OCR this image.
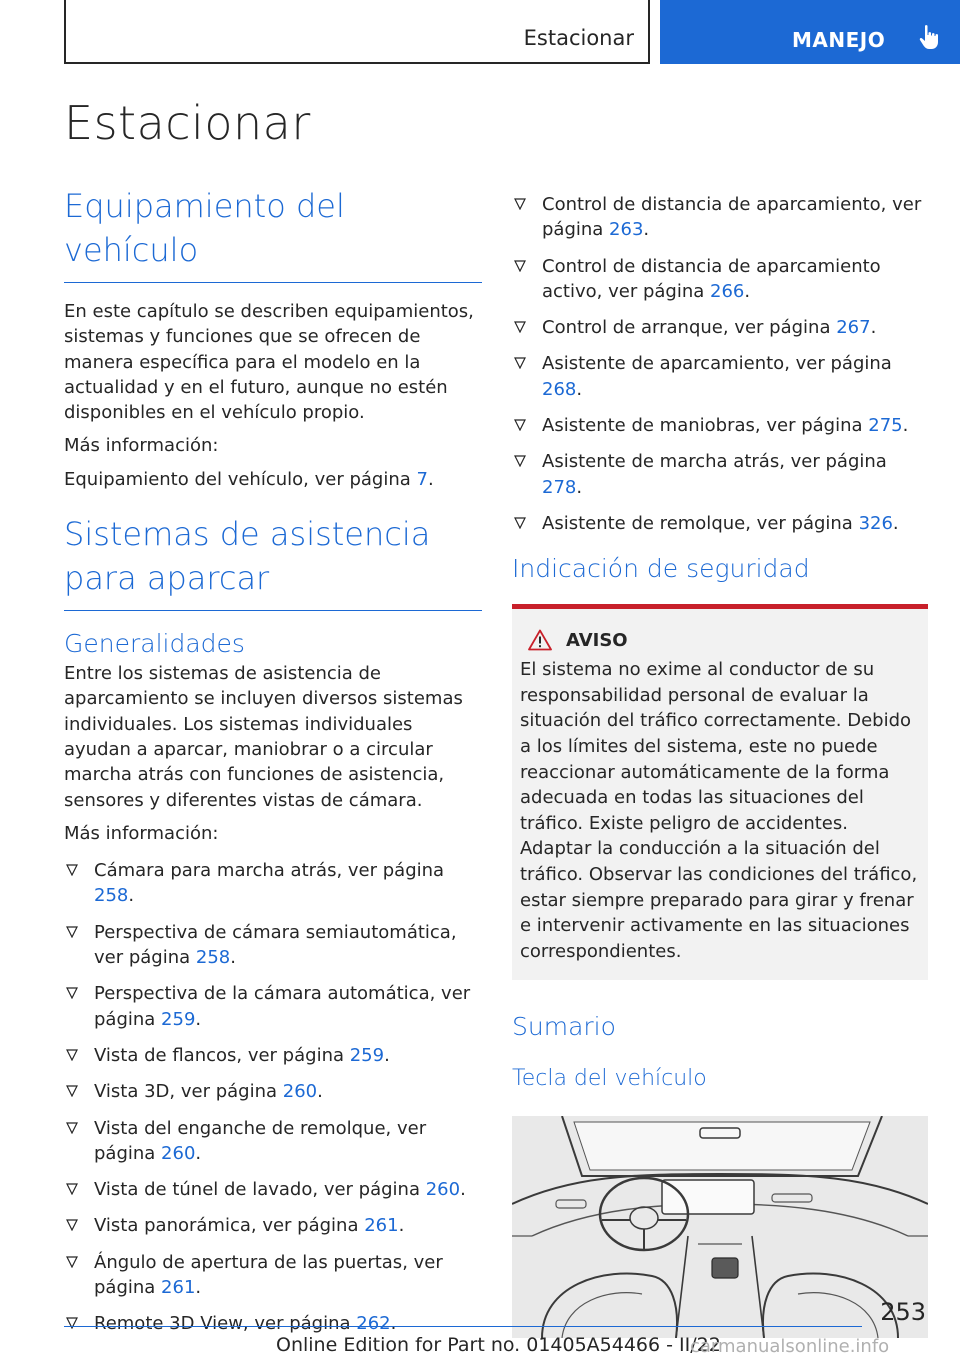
Estacionar	MANEJO
Estacionar
Equipamiento del vehículo

En este capítulo se describen equipamientos, sistemas y funciones que se ofrecen de manera específica para el modelo en la actualidad y en el futuro, aunque no estén disponibles en el vehículo propio.

Más información:

Equipamiento del vehículo, ver página 7.

Sistemas de asistencia para aparcar
Generalidades

Entre los sistemas de asistencia de aparcamiento se incluyen diversos sistemas individuales. Los sistemas individuales ayudan a aparcar, maniobrar o a circular marcha atrás con funciones de asistencia, sensores y diferentes vistas de cámara.

Más información:

Cámara para marcha atrás, ver página 258.
Perspectiva de cámara semiautomática, ver página 258.
Perspectiva de la cámara automática, ver página 259.
Vista de flancos, ver página 259.
Vista 3D, ver página 260.
Vista del enganche de remolque, ver página 260.
Vista de túnel de lavado, ver página 260.
Vista panorámica, ver página 261.
Ángulo de apertura de las puertas, ver página 261.
Remote 3D View, ver página 262.
Control de distancia de aparcamiento, ver página 263.
Control de distancia de aparcamiento activo, ver página 266.
Control de arranque, ver página 267.
Asistente de aparcamiento, ver página 268.
Asistente de maniobras, ver página 275.
Asistente de marcha atrás, ver página 278.
Asistente de remolque, ver página 326.
Indicación de seguridad
AVISO

El sistema no exime al conductor de su responsabilidad personal de evaluar la situación del tráfico correctamente. Debido a los límites del sistema, este no puede reaccionar automáticamente de la forma adecuada en todas las situaciones del tráfico. Existe peligro de accidentes. Adaptar la conducción a la situación del tráfico. Observar las condiciones del tráfico, estar siempre preparado para girar y frenar e intervenir activamente en las situaciones correspondientes.

Sumario
Tecla del vehículo
253
Online Edition for Part no. 01405A54466 - II/22
carmanualsonline.info
